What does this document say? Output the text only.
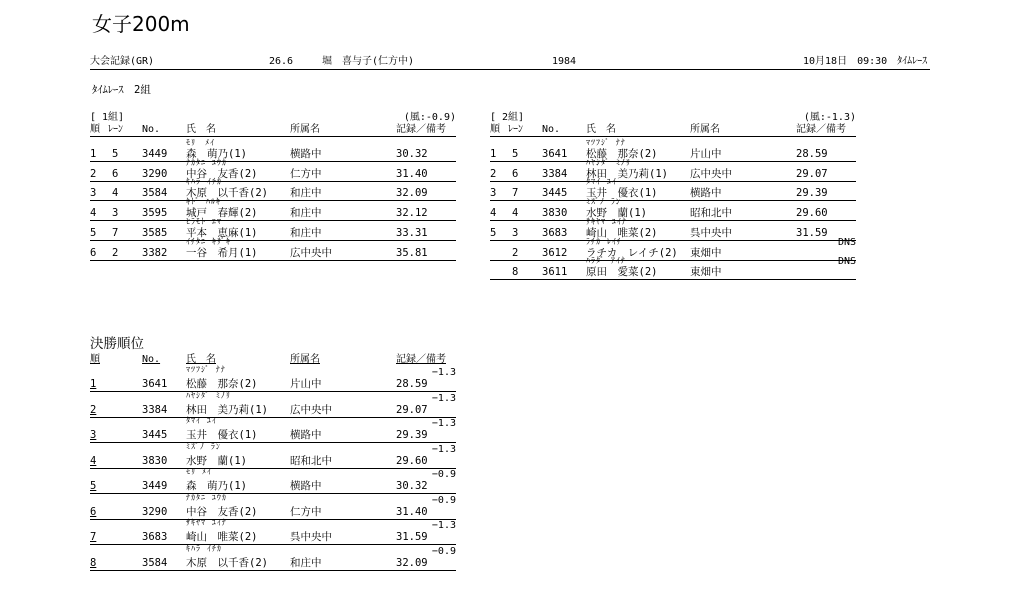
女子200m
大会記録(GR)	26.6	堀　喜与子(仁方中)	1984	10月18日　09:30　ﾀｲﾑﾚｰｽ
ﾀｲﾑﾚｰｽ　2組
[ 1組]	(風:-0.9)
順 ﾚｰﾝ No.	氏　名	所属名	記録／備考
ﾓﾘ　ﾒｲ
1 5 3449 森　萌乃(1)	横路中	30.32
ﾅｶﾀﾆ ﾕｳｶ
2 6 3290 中谷　友香(2)	仁方中	31.40
ｷﾊﾗ ｲﾁｶ
3 4 3584 木原　以千香(2) 和庄中	32.09
ｷﾄﾞ ﾊﾙｷ
4 3 3595 城戸　春輝(2)	和庄中	32.12
ﾋﾗﾓﾄ ｴﾏ
5 7 3585 平本　恵麻(1)	和庄中	33.31
ｲﾁﾀﾆ ｷｻﾞｷ
6 2 3382 一谷　希月(1)	広中央中	35.81
[ 2組]	(風:-1.3)
順 ﾚｰﾝ No.	氏　名	所属名	記録／備考
ﾏﾂﾌｼﾞ ﾅﾅ
1 5 3641 松藤　那奈(2)	片山中	28.59
ﾊﾔｼﾀﾞ ﾐﾉﾘ
2 6 3384 林田　美乃莉(1) 広中央中	29.07
ﾀﾏｲ ﾕｲ
3 7 3445 玉井　優衣(1)	横路中	29.39
ﾐｽﾞﾉ ﾗﾝ
4 4 3830 水野　蘭(1)	昭和北中	29.60
ｻｷﾔﾏ ﾕｲﾅ
5 3 3683 崎山　唯菜(2)	呉中央中	31.59
ﾗﾁｶ ﾚｲﾁ	DNS
2 3612 ラチカ　レイチ(2) 東畑中
ﾊﾗﾀﾞ ｱｲﾅ	DNS
8 3611 原田　愛菜(2)	東畑中
決勝順位
順	No.	氏　名	所属名	記録／備考
ﾏﾂﾌｼﾞ ﾅﾅ	−1.3
1	3641 松藤　那奈(2)	片山中	28.59
ﾊﾔｼﾀﾞ ﾐﾉﾘ	−1.3
2	3384 林田　美乃莉(1) 広中央中	29.07
ﾀﾏｲ ﾕｲ	−1.3
3	3445 玉井　優衣(1)	横路中	29.39
ﾐｽﾞﾉ ﾗﾝ	−1.3
4	3830 水野　蘭(1)	昭和北中	29.60
ﾓﾘ ﾒｲ	−0.9
5	3449 森　萌乃(1)	横路中	30.32
ﾅｶﾀﾆ ﾕｳｶ	−0.9
6	3290 中谷　友香(2)	仁方中	31.40
ｻｷﾔﾏ ﾕｲﾅ	−1.3
7	3683 崎山　唯菜(2)	呉中央中	31.59
ｷﾊﾗ ｲﾁｶ	−0.9
8	3584 木原　以千香(2) 和庄中	32.09
